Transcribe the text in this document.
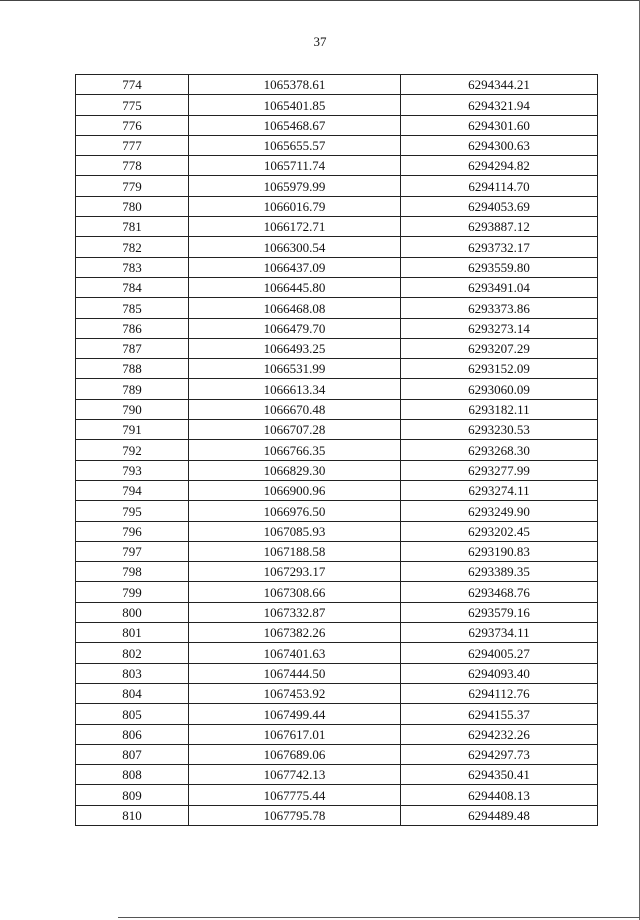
37
774	1065378.61	6294344.21
775	1065401.85	6294321.94
776	1065468.67	6294301.60
777	1065655.57	6294300.63
778	1065711.74	6294294.82
779	1065979.99	6294114.70
780	1066016.79	6294053.69
781	1066172.71	6293887.12
782	1066300.54	6293732.17
783	1066437.09	6293559.80
784	1066445.80	6293491.04
785	1066468.08	6293373.86
786	1066479.70	6293273.14
787	1066493.25	6293207.29
788	1066531.99	6293152.09
789	1066613.34	6293060.09
790	1066670.48	6293182.11
791	1066707.28	6293230.53
792	1066766.35	6293268.30
793	1066829.30	6293277.99
794	1066900.96	6293274.11
795	1066976.50	6293249.90
796	1067085.93	6293202.45
797	1067188.58	6293190.83
798	1067293.17	6293389.35
799	1067308.66	6293468.76
800	1067332.87	6293579.16
801	1067382.26	6293734.11
802	1067401.63	6294005.27
803	1067444.50	6294093.40
804	1067453.92	6294112.76
805	1067499.44	6294155.37
806	1067617.01	6294232.26
807	1067689.06	6294297.73
808	1067742.13	6294350.41
809	1067775.44	6294408.13
810	1067795.78	6294489.48
